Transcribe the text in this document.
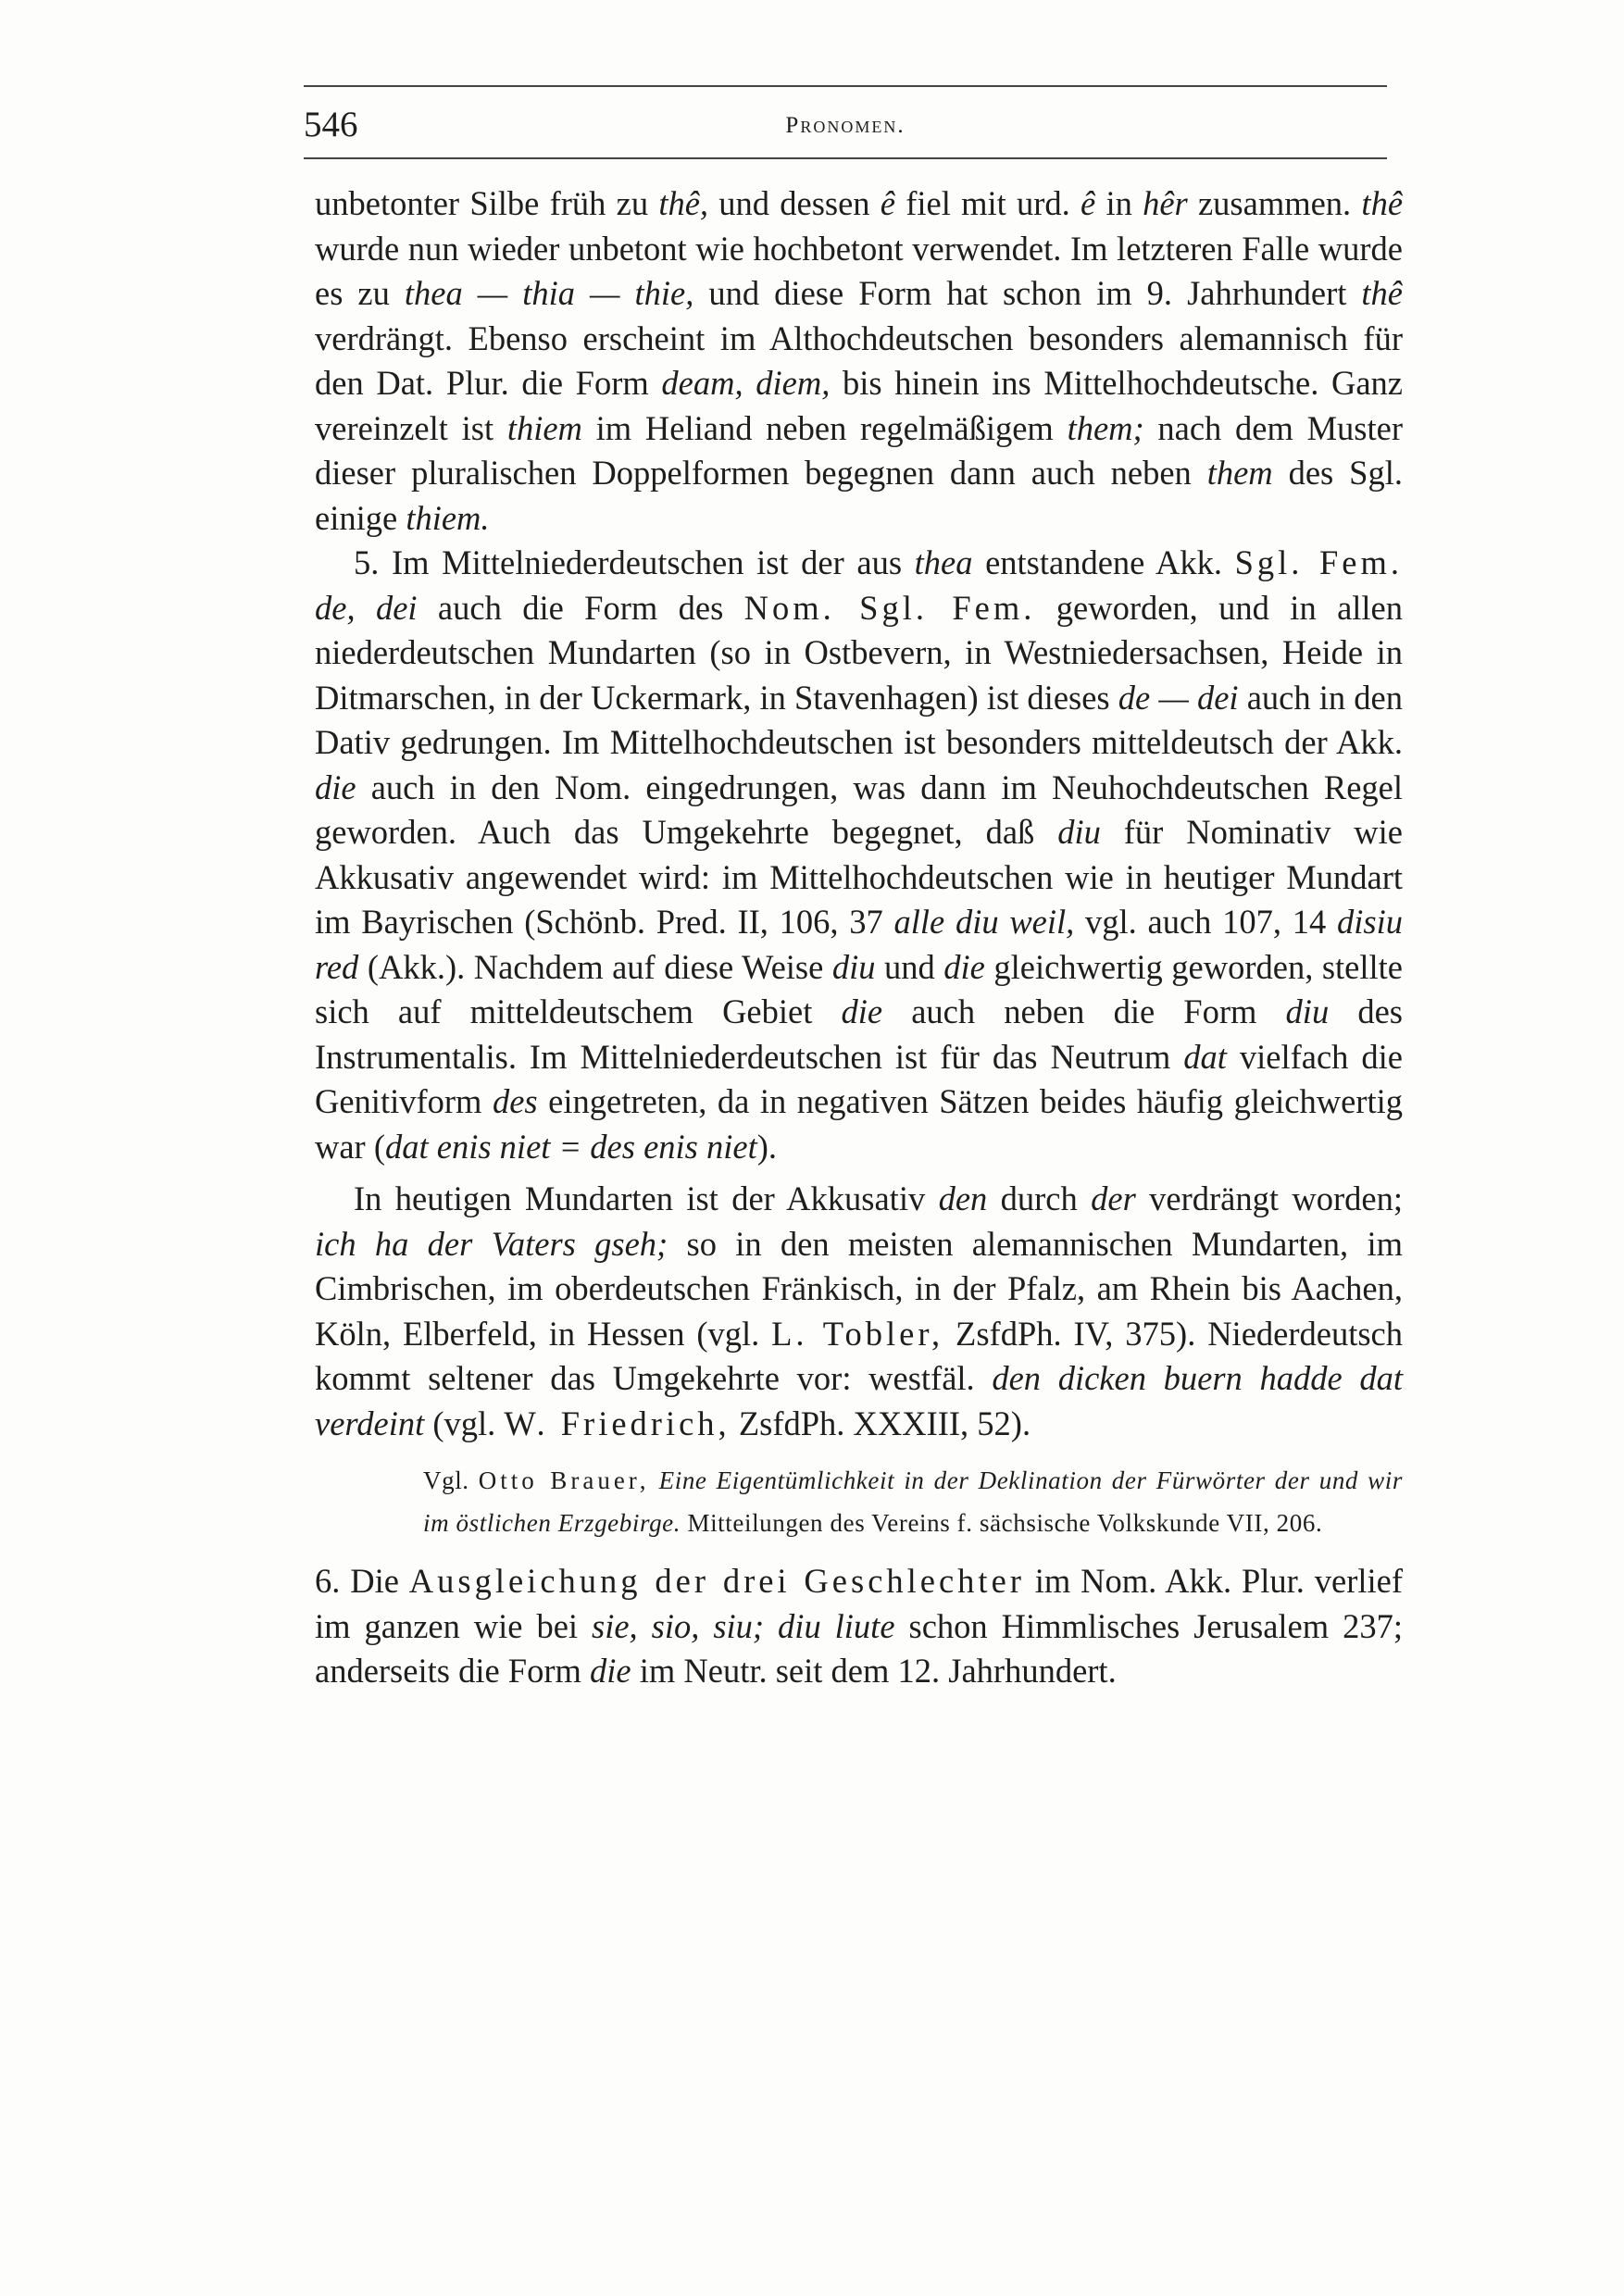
546	Pronomen.

unbetonter Silbe früh zu thê, und dessen ê fiel mit urd. ê in hêr zusammen. thê wurde nun wieder unbetont wie hochbetont verwendet. Im letzteren Falle wurde es zu thea — thia — thie, und diese Form hat schon im 9. Jahrhundert thê verdrängt. Ebenso erscheint im Althochdeutschen besonders alemannisch für den Dat. Plur. die Form deam, diem, bis hinein ins Mittelhochdeutsche. Ganz vereinzelt ist thiem im Heliand neben regelmäßigem them; nach dem Muster dieser pluralischen Doppelformen begegnen dann auch neben them des Sgl. einige thiem.

5. Im Mittelniederdeutschen ist der aus thea entstandene Akk. Sgl. Fem. de, dei auch die Form des Nom. Sgl. Fem. geworden, und in allen niederdeutschen Mundarten (so in Ostbevern, in Westniedersachsen, Heide in Ditmarschen, in der Uckermark, in Stavenhagen) ist dieses de — dei auch in den Dativ gedrungen. Im Mittelhochdeutschen ist besonders mitteldeutsch der Akk. die auch in den Nom. eingedrungen, was dann im Neuhochdeutschen Regel geworden. Auch das Umgekehrte begegnet, daß diu für Nominativ wie Akkusativ angewendet wird: im Mittelhochdeutschen wie in heutiger Mundart im Bayrischen (Schönb. Pred. II, 106, 37 alle diu weil, vgl. auch 107, 14 disiu red (Akk.). Nachdem auf diese Weise diu und die gleichwertig geworden, stellte sich auf mitteldeutschem Gebiet die auch neben die Form diu des Instrumentalis. Im Mittelniederdeutschen ist für das Neutrum dat vielfach die Genitivform des eingetreten, da in negativen Sätzen beides häufig gleichwertig war (dat enis niet = des enis niet).

In heutigen Mundarten ist der Akkusativ den durch der verdrängt worden; ich ha der Vaters gseh; so in den meisten alemannischen Mundarten, im Cimbrischen, im oberdeutschen Fränkisch, in der Pfalz, am Rhein bis Aachen, Köln, Elberfeld, in Hessen (vgl. L. Tobler, ZsfdPh. IV, 375). Niederdeutsch kommt seltener das Umgekehrte vor: westfäl. den dicken buern hadde dat verdeint (vgl. W. Friedrich, ZsfdPh. XXXIII, 52).

Vgl. Otto Brauer, Eine Eigentümlichkeit in der Deklination der Fürwörter der und wir im östlichen Erzgebirge. Mitteilungen des Vereins f. sächsische Volkskunde VII, 206.

6. Die Ausgleichung der drei Geschlechter im Nom. Akk. Plur. verlief im ganzen wie bei sie, sio, siu; diu liute schon Himmlisches Jerusalem 237; anderseits die Form die im Neutr. seit dem 12. Jahrhundert.
